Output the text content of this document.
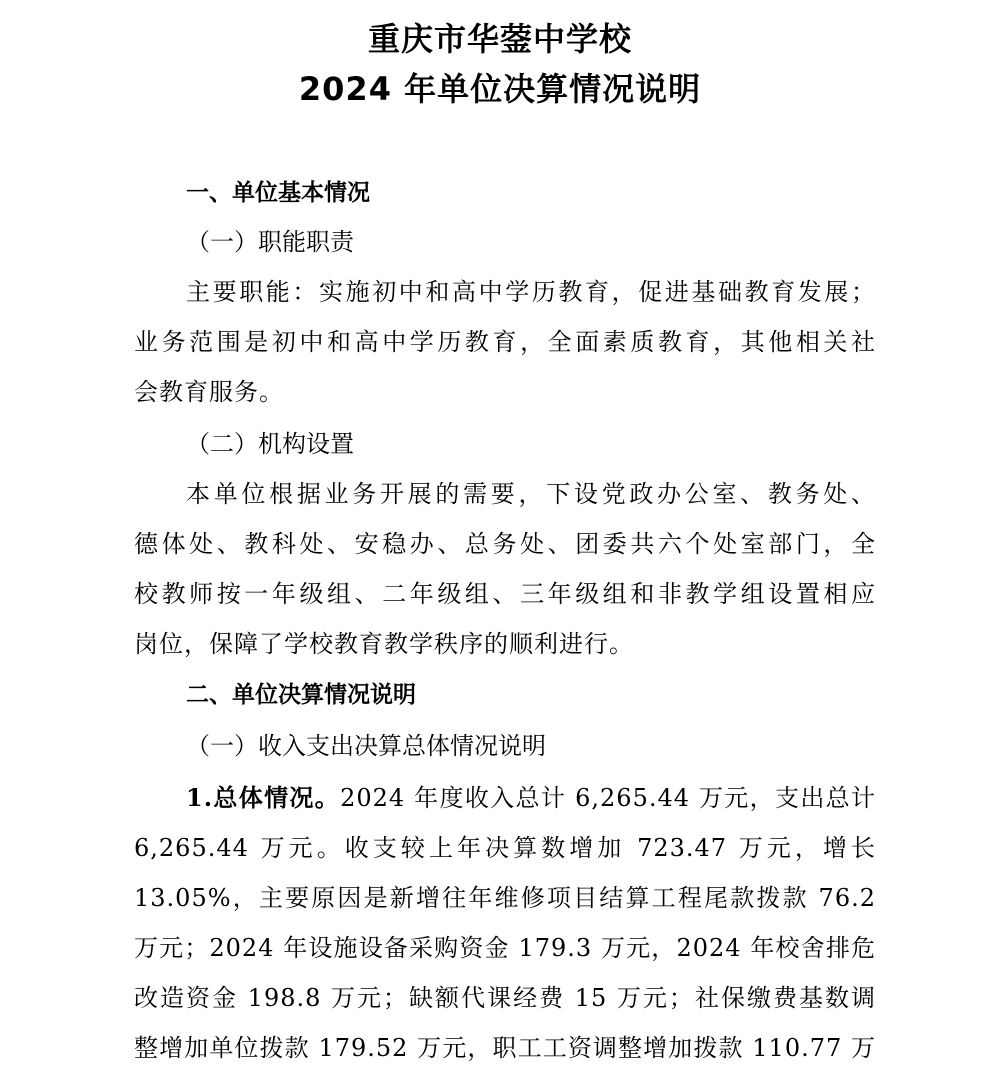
重庆市华蓥中学校
2024 年单位决算情况说明
一、单位基本情况
（一）职能职责
主要职能：实施初中和高中学历教育，促进基础教育发展；
业务范围是初中和高中学历教育，全面素质教育，其他相关社
会教育服务。
（二）机构设置
本单位根据业务开展的需要，下设党政办公室、教务处、
德体处、教科处、安稳办、总务处、团委共六个处室部门，全
校教师按一年级组、二年级组、三年级组和非教学组设置相应
岗位，保障了学校教育教学秩序的顺利进行。
二、单位决算情况说明
（一）收入支出决算总体情况说明
1.总体情况。2024 年度收入总计 6,265.44 万元，支出总计
6,265.44 万元。收支较上年决算数增加 723.47 万元，增长
13.05%，主要原因是新增往年维修项目结算工程尾款拨款 76.2
万元；2024 年设施设备采购资金 179.3 万元，2024 年校舍排危
改造资金 198.8 万元；缺额代课经费 15 万元；社保缴费基数调
整增加单位拨款 179.52 万元，职工工资调整增加拨款 110.77 万
